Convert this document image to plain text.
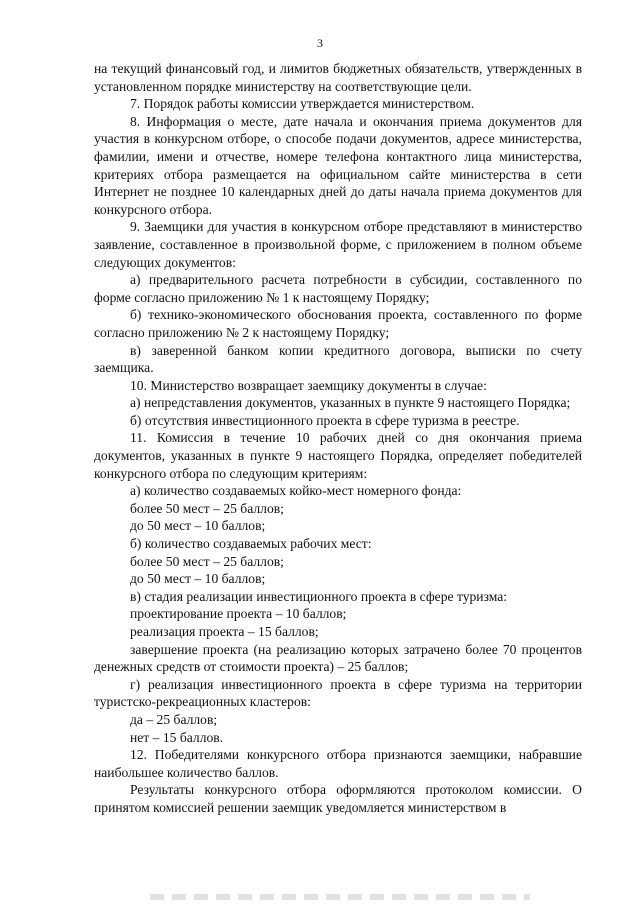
3

на текущий финансовый год, и лимитов бюджетных обязательств, утвержденных в установленном порядке министерству на соответствующие цели.

7. Порядок работы комиссии утверждается министерством.

8. Информация о месте, дате начала и окончания приема документов для участия в конкурсном отборе, о способе подачи документов, адресе министерства, фамилии, имени и отчестве, номере телефона контактного лица министерства, критериях отбора размещается на официальном сайте министерства в сети Интернет не позднее 10 календарных дней до даты начала приема документов для конкурсного отбора.

9. Заемщики для участия в конкурсном отборе представляют в министерство заявление, составленное в произвольной форме, с приложением в полном объеме следующих документов:

а) предварительного расчета потребности в субсидии, составленного по форме согласно приложению № 1 к настоящему Порядку;

б) технико-экономического обоснования проекта, составленного по форме согласно приложению № 2 к настоящему Порядку;

в) заверенной банком копии кредитного договора, выписки по счету заемщика.

10. Министерство возвращает заемщику документы в случае:

а) непредставления документов, указанных в пункте 9 настоящего Порядка;

б) отсутствия инвестиционного проекта в сфере туризма в реестре.

11. Комиссия в течение 10 рабочих дней со дня окончания приема документов, указанных в пункте 9 настоящего Порядка, определяет победителей конкурсного отбора по следующим критериям:

а) количество создаваемых койко-мест номерного фонда:

более 50 мест – 25 баллов;

до 50 мест – 10 баллов;

б) количество создаваемых рабочих мест:

более 50 мест – 25 баллов;

до 50 мест – 10 баллов;

в) стадия реализации инвестиционного проекта в сфере туризма:

проектирование проекта – 10 баллов;

реализация проекта – 15 баллов;

завершение проекта (на реализацию которых затрачено более 70 процентов денежных средств от стоимости проекта) – 25 баллов;

г) реализация инвестиционного проекта в сфере туризма на территории туристско-рекреационных кластеров:

да – 25 баллов;

нет – 15 баллов.

12. Победителями конкурсного отбора признаются заемщики, набравшие наибольшее количество баллов.

Результаты конкурсного отбора оформляются протоколом комиссии. О принятом комиссией решении заемщик уведомляется министерством в
